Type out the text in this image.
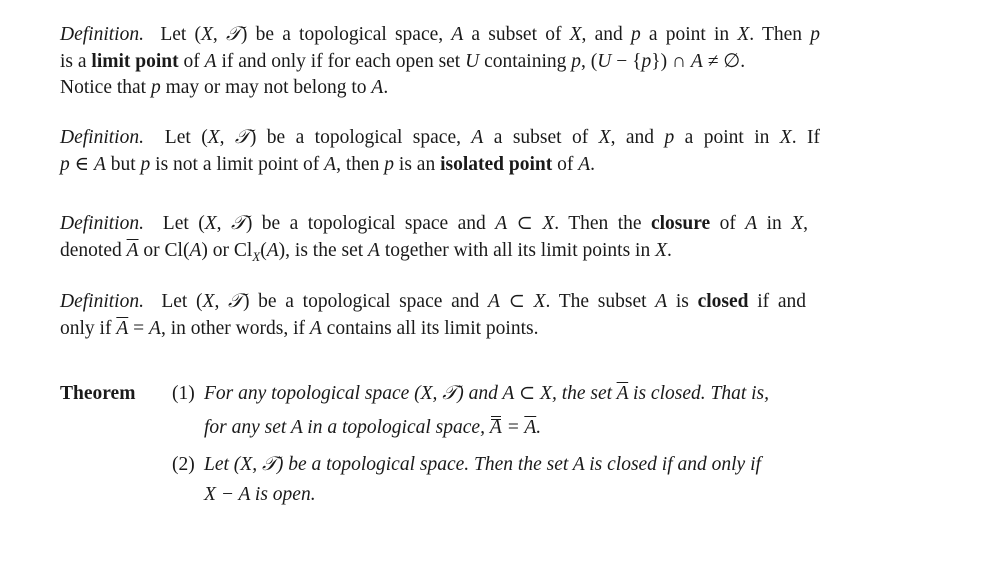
Definition.  Let (X, 𝒯) be a topological space, A a subset of X, and p a point in X. Then p
is a limit point of A if and only if for each open set U containing p, (U − {p}) ∩ A ≠ ∅.
Notice that p may or may not belong to A.
Definition.  Let (X, 𝒯) be a topological space, A a subset of X, and p a point in X. If
p ∈ A but p is not a limit point of A, then p is an isolated point of A.
Definition.  Let (X, 𝒯) be a topological space and A ⊂ X. Then the closure of A in X,
denoted $\overline{A}$ or Cl(A) or $Cl_X(A)$, is the set A together with all its limit points in X.
Definition.  Let (X, 𝒯) be a topological space and A ⊂ X. The subset A is closed if and
only if $\overline{A} = A$, in other words, if A contains all its limit points.
Theorem (1) For any topological space (X, 𝒯) and A ⊂ X, the set $\overline{A}$ is closed. That is,
for any set A in a topological space, $A = \overline{A}$.
(2) Let (X, 𝒯) be a topological space. Then the set A is closed if and only if
X − A is open.
